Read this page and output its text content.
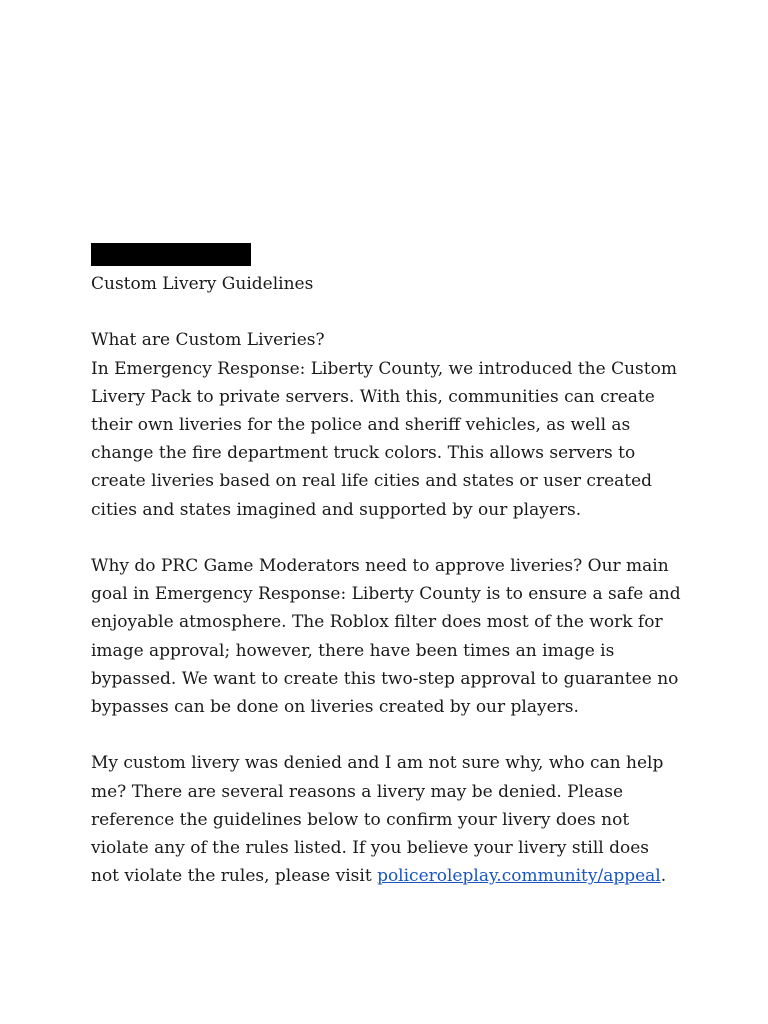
Custom Livery Guidelines
What are Custom Liveries?
In Emergency Response: Liberty County, we introduced the Custom Livery Pack to private servers. With this, communities can create their own liveries for the police and sheriff vehicles, as well as change the fire department truck colors. This allows servers to create liveries based on real life cities and states or user created cities and states imagined and supported by our players.
Why do PRC Game Moderators need to approve liveries? Our main goal in Emergency Response: Liberty County is to ensure a safe and enjoyable atmosphere. The Roblox filter does most of the work for image approval; however, there have been times an image is bypassed. We want to create this two-step approval to guarantee no bypasses can be done on liveries created by our players.
My custom livery was denied and I am not sure why, who can help me? There are several reasons a livery may be denied. Please reference the guidelines below to confirm your livery does not violate any of the rules listed. If you believe your livery still does not violate the rules, please visit policeroleplay.community/appeal.
